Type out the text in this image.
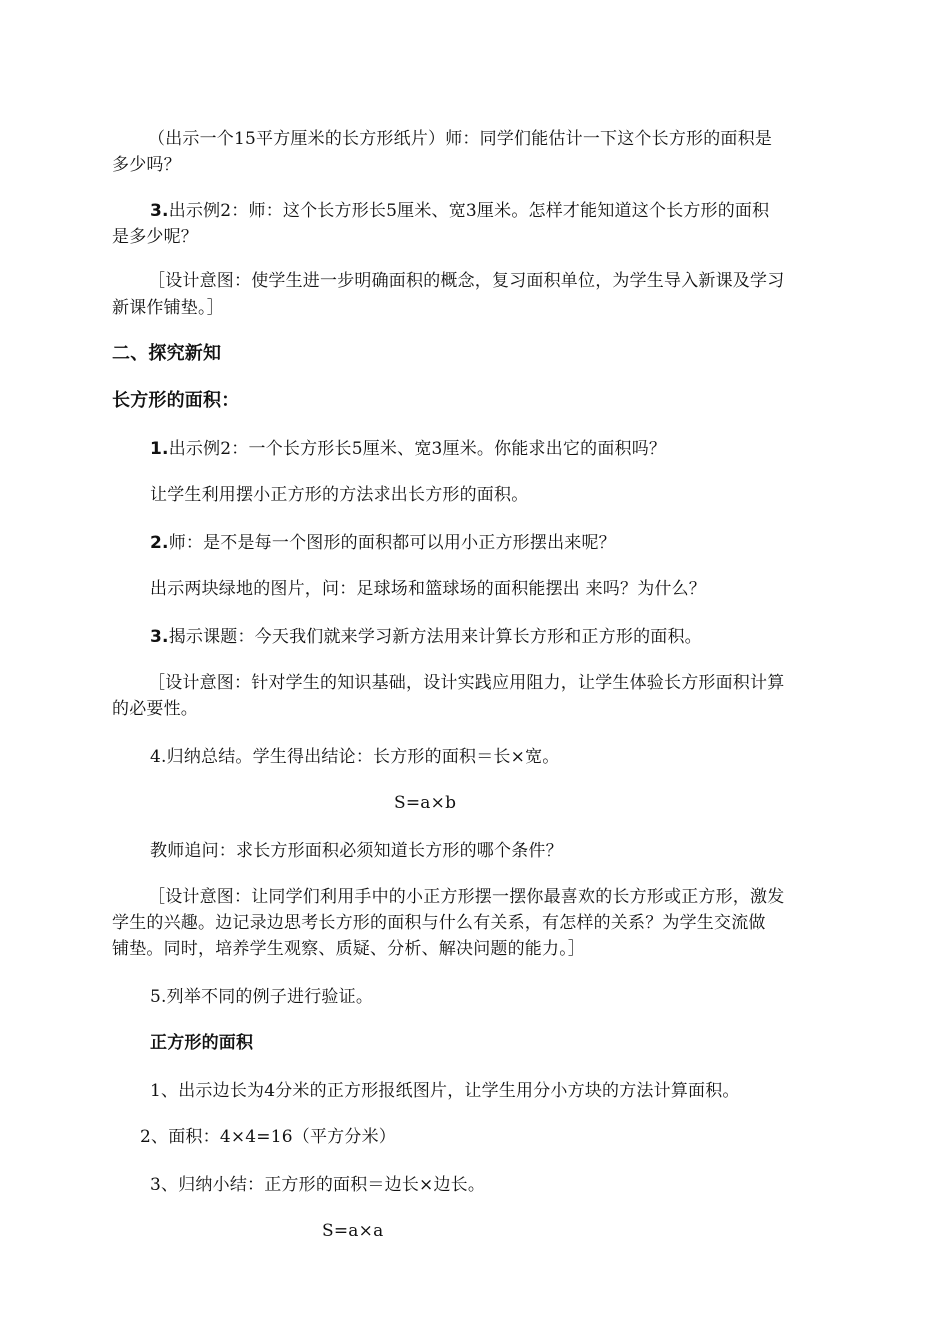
（出示一个15平方厘米的长方形纸片）师：同学们能估计一下这个长方形的面积是

多少吗？

3.出示例2：师：这个长方形长5厘米、宽3厘米。怎样才能知道这个长方形的面积

是多少呢？

［设计意图：使学生进一步明确面积的概念，复习面积单位，为学生导入新课及学习

新课作铺垫。］

二、探究新知

长方形的面积：

1.出示例2：一个长方形长5厘米、宽3厘米。你能求出它的面积吗？

让学生利用摆小正方形的方法求出长方形的面积。

2.师：是不是每一个图形的面积都可以用小正方形摆出来呢？

出示两块绿地的图片，问：足球场和篮球场的面积能摆出 来吗？为什么？

3.揭示课题：今天我们就来学习新方法用来计算长方形和正方形的面积。

［设计意图：针对学生的知识基础，设计实践应用阻力，让学生体验长方形面积计算

的必要性。

4.归纳总结。学生得出结论：长方形的面积＝长×宽。

S=a×b

教师追问：求长方形面积必须知道长方形的哪个条件？

［设计意图：让同学们利用手中的小正方形摆一摆你最喜欢的长方形或正方形，激发

学生的兴趣。边记录边思考长方形的面积与什么有关系，有怎样的关系？为学生交流做

铺垫。同时，培养学生观察、质疑、分析、解决问题的能力。］

5.列举不同的例子进行验证。

正方形的面积

1、出示边长为4分米的正方形报纸图片，让学生用分小方块的方法计算面积。

2、面积：4×4=16（平方分米）

3、归纳小结：正方形的面积＝边长×边长。

S=a×a
